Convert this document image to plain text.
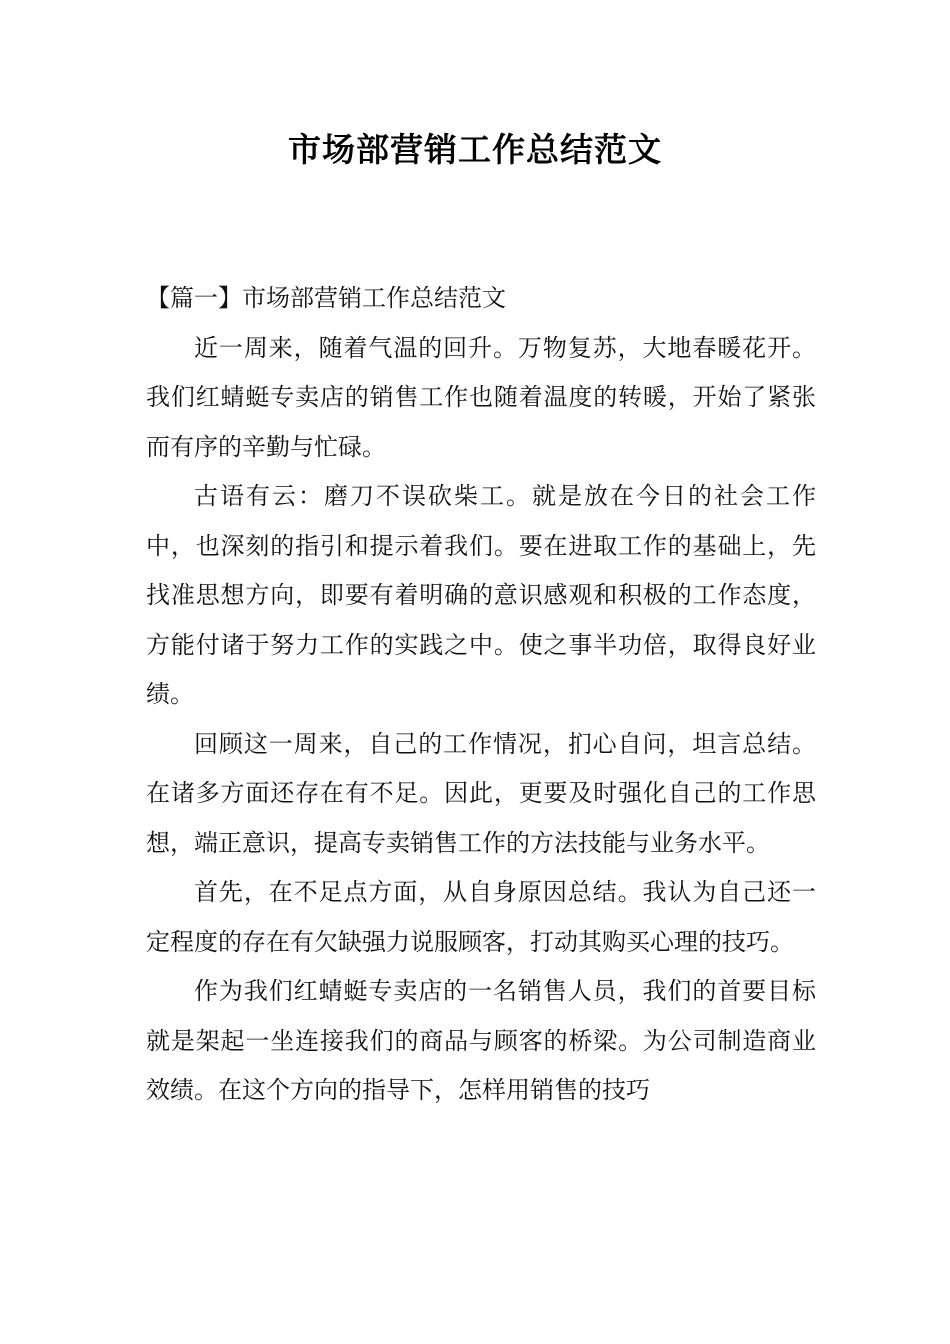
市场部营销工作总结范文

【篇一】市场部营销工作总结范文

近一周来，随着气温的回升。万物复苏，大地春暖花开。我们红蜻蜓专卖店的销售工作也随着温度的转暖，开始了紧张而有序的辛勤与忙碌。

古语有云：磨刀不误砍柴工。就是放在今日的社会工作中，也深刻的指引和提示着我们。要在进取工作的基础上，先找准思想方向，即要有着明确的意识感观和积极的工作态度，方能付诸于努力工作的实践之中。使之事半功倍，取得良好业绩。

回顾这一周来，自己的工作情况，扪心自问，坦言总结。在诸多方面还存在有不足。因此，更要及时强化自己的工作思想，端正意识，提高专卖销售工作的方法技能与业务水平。

首先，在不足点方面，从自身原因总结。我认为自己还一定程度的存在有欠缺强力说服顾客，打动其购买心理的技巧。

作为我们红蜻蜓专卖店的一名销售人员，我们的首要目标就是架起一坐连接我们的商品与顾客的桥梁。为公司制造商业效绩。在这个方向的指导下，怎样用销售的技巧
